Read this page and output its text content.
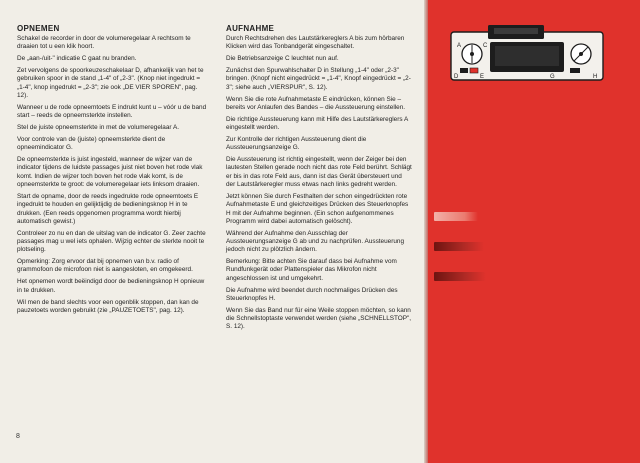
OPNEMEN
Schakel de recorder in door de volumeregelaar A rechtsom te draaien tot u een klik hoort.
De „aan-/uit-" indicatie C gaat nu branden.
Zet vervolgens de spoorkeuzeschakelaar D, afhankelijk van het te gebruiken spoor in de stand „1-4" of „2-3". (Knop niet ingedrukt = „1-4", knop ingedrukt = „2-3"; zie ook „DE VIER SPOREN", pag. 12).
Wanneer u de rode opneemtoets E indrukt kunt u – vóór u de band start – reeds de opneemsterkte instellen.
Stel de juiste opneemsterkte in met de volumeregelaar A.
Voor controle van de (juiste) opneemsterkte dient de opneemindicator G.
De opneemsterkte is juist ingesteld, wanneer de wijzer van de indicator tijdens de luidste passages juist niet boven het rode vlak komt. Indien de wijzer toch boven het rode vlak komt, is de opneemsterkte te groot: de volumeregelaar iets linksom draaien.
Start de opname, door de reeds ingedrukte rode opneemtoets E ingedrukt te houden en gelijktijdig de bedieningsknop H in te drukken. (Een reeds opgenomen programma wordt hierbij automatisch gewist.)
Controleer zo nu en dan de uitslag van de indicator G. Zeer zachte passages mag u wel iets ophalen. Wijzig echter de sterkte nooit te plotseling.
Opmerking: Zorg ervoor dat bij opnemen van b.v. radio of grammofoon de microfoon niet is aangesloten, en omgekeerd.
Het opnemen wordt beëindigd door de bedieningsknop H opnieuw in te drukken.
Wil men de band slechts voor een ogenblik stoppen, dan kan de pauzetoets worden gebruikt (zie „PAUZETOETS", pag. 12).
AUFNAHME
Durch Rechtsdrehen des Lautstärkereglers A bis zum hörbaren Klicken wird das Tonbandgerät eingeschaltet.
Die Betriebsanzeige C leuchtet nun auf.
Zunächst den Spurwahlschalter D in Stellung „1-4" oder „2-3" bringen. (Knopf nicht eingedrückt = „1-4", Knopf eingedrückt = „2-3"; siehe auch „VIERSPUR", S. 12).
Wenn Sie die rote Aufnahmetaste E eindrücken, können Sie – bereits vor Anlaufen des Bandes – die Aussteuerung einstellen.
Die richtige Aussteuerung kann mit Hilfe des Lautstärkereglers A eingestellt werden.
Zur Kontrolle der richtigen Aussteuerung dient die Aussteuerungsanzeige G.
Die Aussteuerung ist richtig eingestellt, wenn der Zeiger bei den lautesten Stellen gerade noch nicht das rote Feld berührt. Schlägt er bis in das rote Feld aus, dann ist das Gerät übersteuert und der Lautstärkeregler muss etwas nach links gedreht werden.
Jetzt können Sie durch Festhalten der schon eingedrückten rote Aufnahmetaste E und gleichzeitiges Drücken des Steuerknopfes H mit der Aufnahme beginnen. (Ein schon aufgenommenes Programm wird dabei automatisch gelöscht).
Während der Aufnahme den Ausschlag der Aussteuerungsanzeige G ab und zu nachprüfen. Aussteuerung jedoch nicht zu plötzlich ändern.
Bemerkung: Bitte achten Sie darauf dass bei Aufnahme vom Rundfunkgerät oder Plattenspieler das Mikrofon nicht angeschlossen ist und umgekehrt.
Die Aufnahme wird beendet durch nochmaliges Drücken des Steuerknopfes H.
Wenn Sie das Band nur für eine Weile stoppen möchten, so kann die Schnellstoptaste verwendet werden (siehe „SCHNELLSTOP", S. 12).
8
A	C
D	E	G	H
